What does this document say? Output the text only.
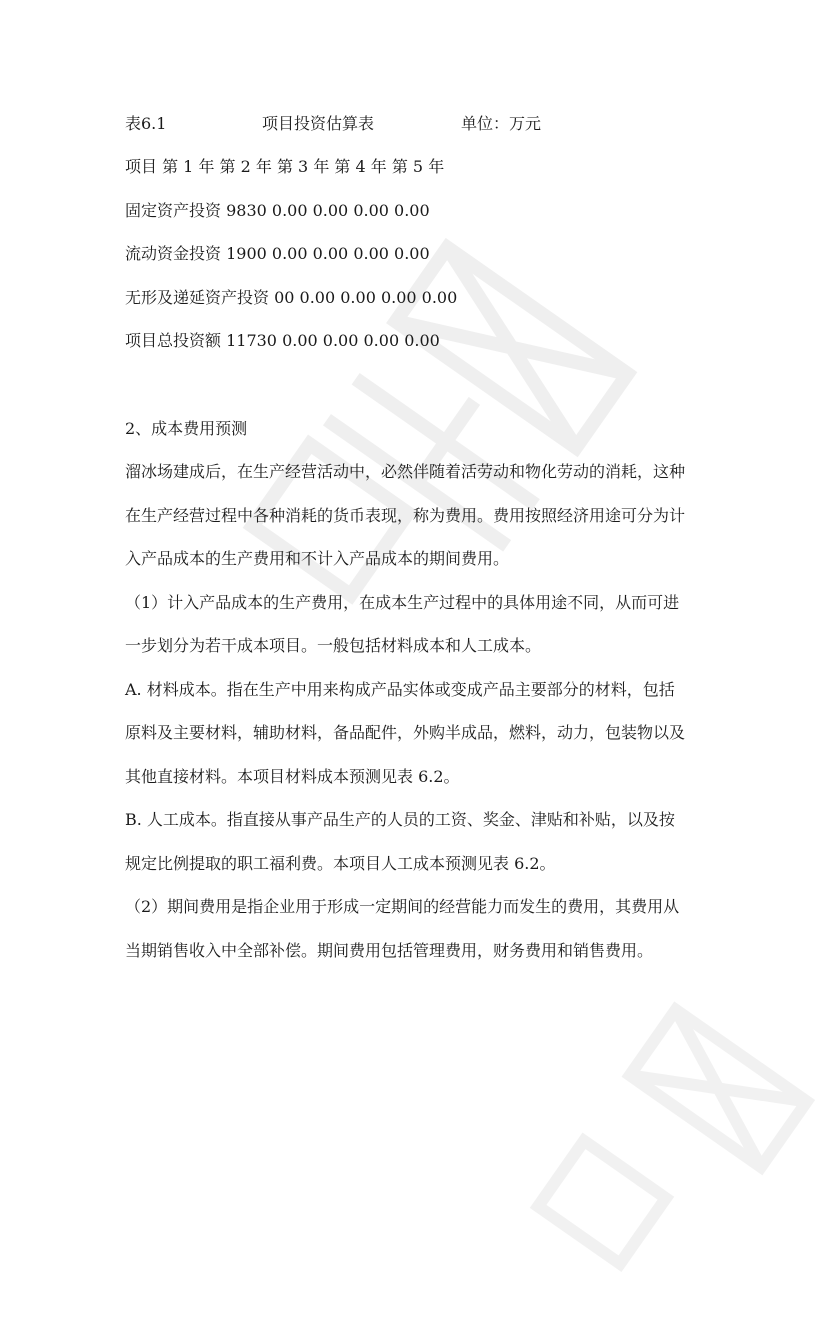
表6.1	项目投资估算表	单位：万元
项目 第 1 年 第 2 年 第 3 年 第 4 年 第 5 年
固定资产投资 9830 0.00 0.00 0.00 0.00
流动资金投资 1900 0.00 0.00 0.00 0.00
无形及递延资产投资 00 0.00 0.00 0.00 0.00
项目总投资额 11730 0.00 0.00 0.00 0.00
2、成本费用预测
溜冰场建成后，在生产经营活动中，必然伴随着活劳动和物化劳动的消耗，这种
在生产经营过程中各种消耗的货币表现，称为费用。费用按照经济用途可分为计
入产品成本的生产费用和不计入产品成本的期间费用。
（1）计入产品成本的生产费用，在成本生产过程中的具体用途不同，从而可进
一步划分为若干成本项目。一般包括材料成本和人工成本。
A. 材料成本。指在生产中用来构成产品实体或变成产品主要部分的材料，包括
原料及主要材料，辅助材料，备品配件，外购半成品，燃料，动力，包装物以及
其他直接材料。本项目材料成本预测见表 6.2。
B. 人工成本。指直接从事产品生产的人员的工资、奖金、津贴和补贴，以及按
规定比例提取的职工福利费。本项目人工成本预测见表 6.2。
（2）期间费用是指企业用于形成一定期间的经营能力而发生的费用，其费用从
当期销售收入中全部补偿。期间费用包括管理费用，财务费用和销售费用。
